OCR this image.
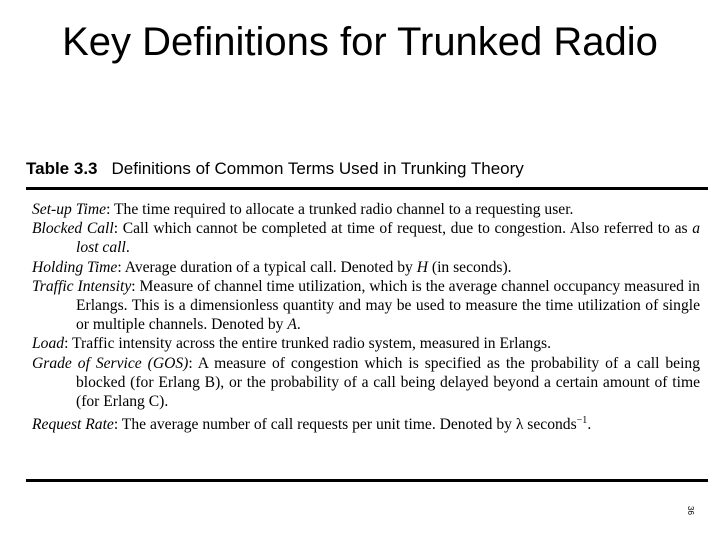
Key Definitions for Trunked Radio
Table 3.3 Definitions of Common Terms Used in Trunking Theory
Set-up Time: The time required to allocate a trunked radio channel to a requesting user.
Blocked Call: Call which cannot be completed at time of request, due to congestion. Also referred to as a lost call.
Holding Time: Average duration of a typical call. Denoted by H (in seconds).
Traffic Intensity: Measure of channel time utilization, which is the average channel occupancy measured in Erlangs. This is a dimensionless quantity and may be used to measure the time utilization of single or multiple channels. Denoted by A.
Load: Traffic intensity across the entire trunked radio system, measured in Erlangs.
Grade of Service (GOS): A measure of congestion which is specified as the probability of a call being blocked (for Erlang B), or the probability of a call being delayed beyond a certain amount of time (for Erlang C).
Request Rate: The average number of call requests per unit time. Denoted by λ seconds$^{-1}$.
36
